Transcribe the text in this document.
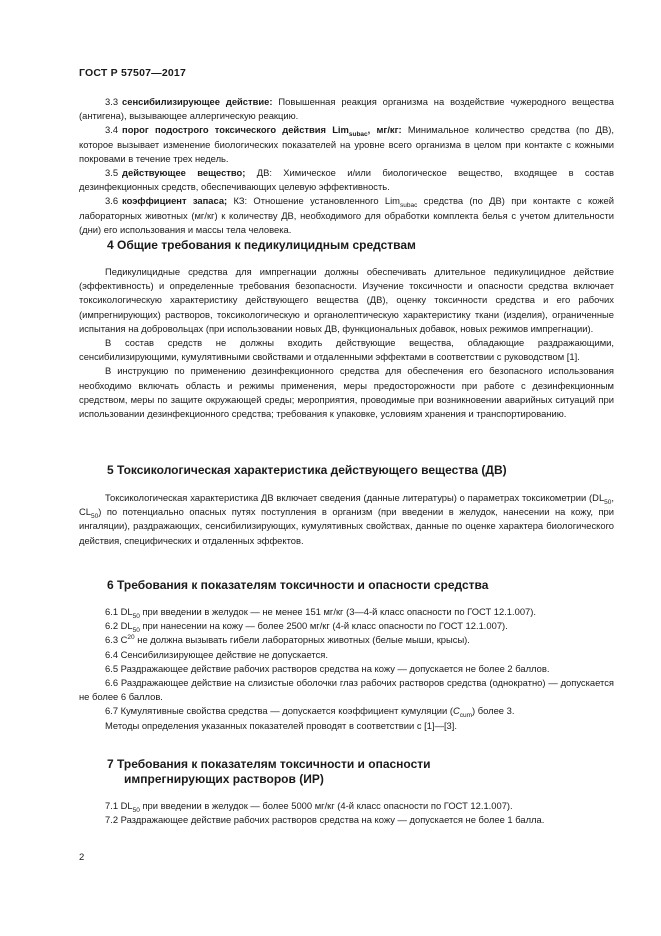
ГОСТ Р 57507—2017

3.3 сенсибилизирующее действие: Повышенная реакция организма на воздействие чужеродного вещества (антигена), вызывающее аллергическую реакцию.

3.4 порог подострого токсического действия Lim$_{subac}$, мг/кг: Минимальное количество средства (по ДВ), которое вызывает изменение биологических показателей на уровне всего организма в целом при контакте с кожными покровами в течение трех недель.

3.5 действующее вещество; ДВ: Химическое и/или биологическое вещество, входящее в состав дезинфекционных средств, обеспечивающих целевую эффективность.

3.6 коэффициент запаса; КЗ: Отношение установленного Lim$_{subac}$ средства (по ДВ) при контакте с кожей лабораторных животных (мг/кг) к количеству ДВ, необходимого для обработки комплекта белья с учетом длительности (дни) его использования и массы тела человека.

4 Общие требования к педикулицидным средствам

Педикулицидные средства для импрегнации должны обеспечивать длительное педикулицидное действие (эффективность) и определенные требования безопасности. Изучение токсичности и опасности средства включает токсикологическую характеристику действующего вещества (ДВ), оценку токсичности средства и его рабочих (импрегнирующих) растворов, токсикологическую и органолептическую характеристику ткани (изделия), ограниченные испытания на добровольцах (при использовании новых ДВ, функциональных добавок, новых режимов импрегнации).

В состав средств не должны входить действующие вещества, обладающие раздражающими, сенсибилизирующими, кумулятивными свойствами и отдаленными эффектами в соответствии с руководством [1].

В инструкцию по применению дезинфекционного средства для обеспечения его безопасного использования необходимо включать область и режимы применения, меры предосторожности при работе с дезинфекционным средством, меры по защите окружающей среды; мероприятия, проводимые при возникновении аварийных ситуаций при использовании дезинфекционного средства; требования к упаковке, условиям хранения и транспортированию.

5 Токсикологическая характеристика действующего вещества (ДВ)

Токсикологическая характеристика ДВ включает сведения (данные литературы) о параметрах токсикометрии ($DL_{50}$, $CL_{50}$) по потенциально опасных путях поступления в организм (при введении в желудок, нанесении на кожу, при ингаляции), раздражающих, сенсибилизирующих, кумулятивных свойствах, данные по оценке характера биологического действия, специфических и отдаленных эффектов.

6 Требования к показателям токсичности и опасности средства

6.1 $DL_{50}$ при введении в желудок — не менее 151 мг/кг (3—4-й класс опасности по ГОСТ 12.1.007).

6.2 $DL_{50}$ при нанесении на кожу — более 2500 мг/кг (4-й класс опасности по ГОСТ 12.1.007).

6.3 $C^{20}$ не должна вызывать гибели лабораторных животных (белые мыши, крысы).

6.4 Сенсибилизирующее действие не допускается.

6.5 Раздражающее действие рабочих растворов средства на кожу — допускается не более 2 баллов.

6.6 Раздражающее действие на слизистые оболочки глаз рабочих растворов средства (однократно) — допускается не более 6 баллов.

6.7 Кумулятивные свойства средства — допускается коэффициент кумуляции $(C_{cum})$ более 3.

Методы определения указанных показателей проводят в соответствии с [1]—[3].

7 Требования к показателям токсичности и опасности
импрегнирующих растворов (ИР)

7.1 $DL_{50}$ при введении в желудок — более 5000 мг/кг (4-й класс опасности по ГОСТ 12.1.007).

7.2 Раздражающее действие рабочих растворов средства на кожу — допускается не более 1 балла.

2
